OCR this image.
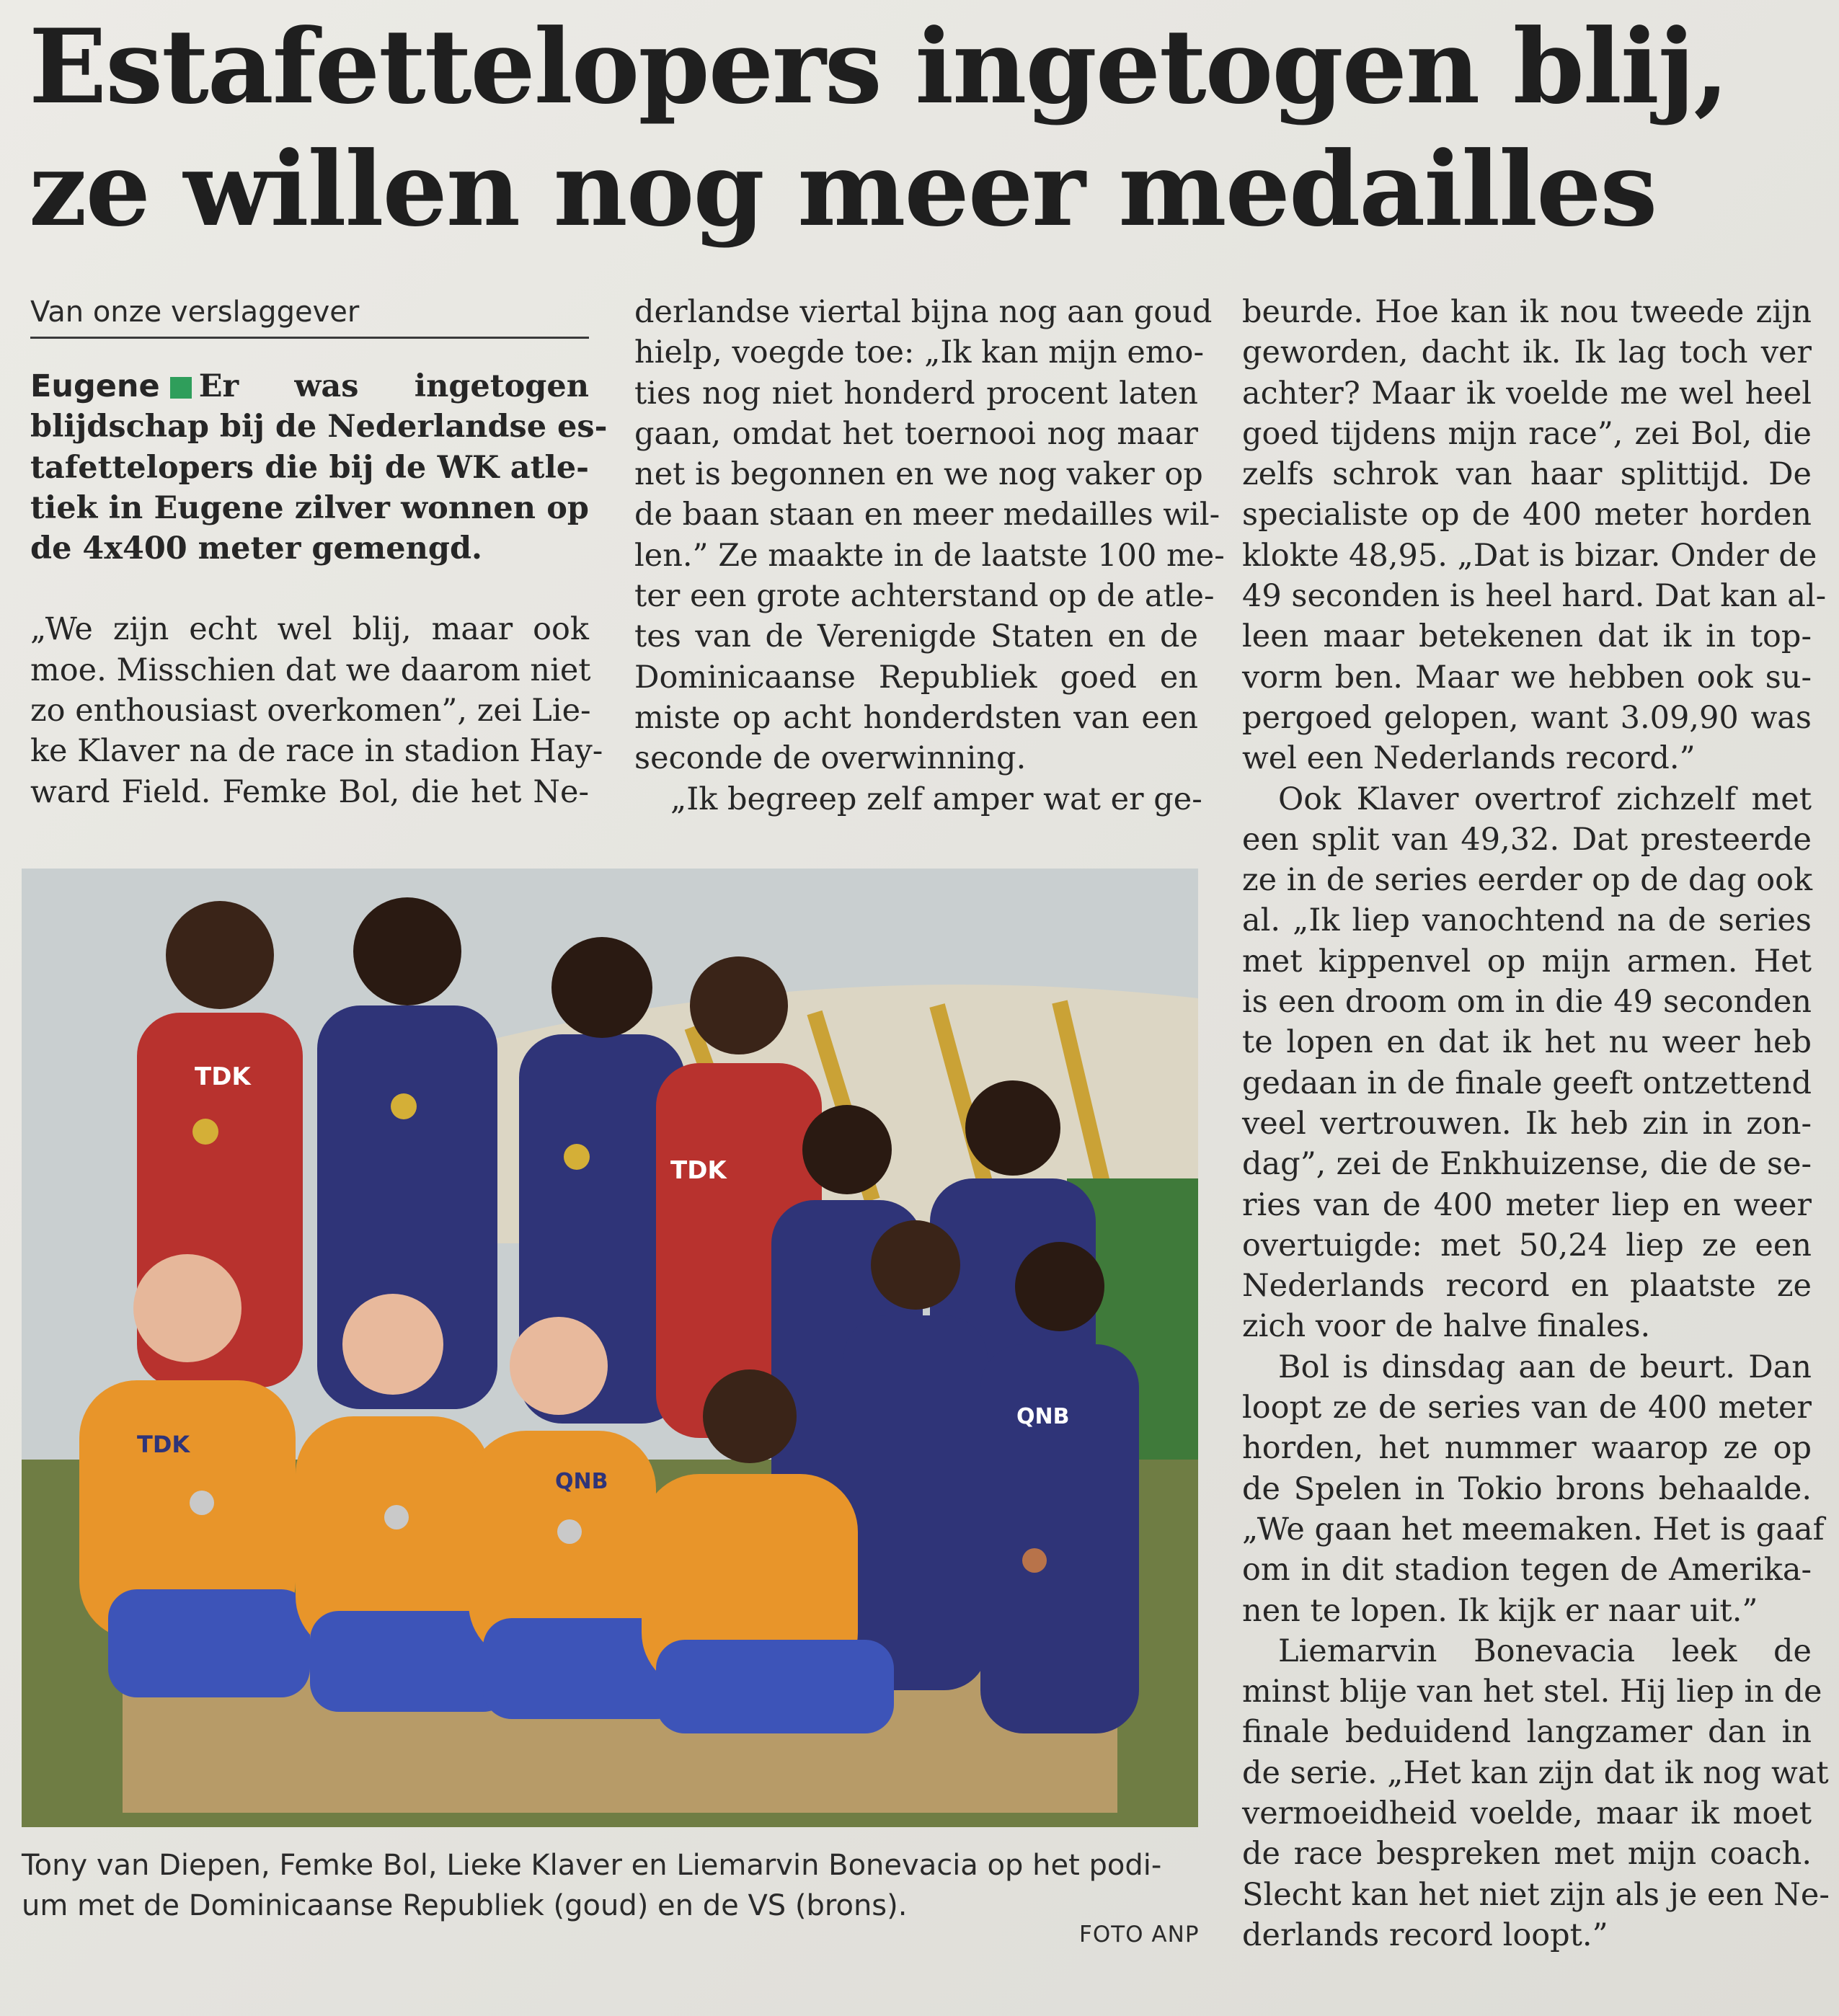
Estafettelopers ingetogen blij,
ze willen nog meer medailles
Van onze verslaggever
Eugene Er was ingetogen
blijdschap bij de Nederlandse es-
tafettelopers die bij de WK atle-
tiek in Eugene zilver wonnen op
de 4x400 meter gemengd.
„We zijn echt wel blij, maar ook
moe. Misschien dat we daarom niet
zo enthousiast overkomen”, zei Lie-
ke Klaver na de race in stadion Hay-
ward Field. Femke Bol, die het Ne-
derlandse viertal bijna nog aan goud
hielp, voegde toe: „Ik kan mijn emo-
ties nog niet honderd procent laten
gaan, omdat het toernooi nog maar
net is begonnen en we nog vaker op
de baan staan en meer medailles wil-
len.” Ze maakte in de laatste 100 me-
ter een grote achterstand op de atle-
tes van de Verenigde Staten en de
Dominicaanse Republiek goed en
miste op acht honderdsten van een
seconde de overwinning.
„Ik begreep zelf amper wat er ge-
beurde. Hoe kan ik nou tweede zijn
geworden, dacht ik. Ik lag toch ver
achter? Maar ik voelde me wel heel
goed tijdens mijn race”, zei Bol, die
zelfs schrok van haar splittijd. De
specialiste op de 400 meter horden
klokte 48,95. „Dat is bizar. Onder de
49 seconden is heel hard. Dat kan al-
leen maar betekenen dat ik in top-
vorm ben. Maar we hebben ook su-
pergoed gelopen, want 3.09,90 was
wel een Nederlands record.”
Ook Klaver overtrof zichzelf met
een split van 49,32. Dat presteerde
ze in de series eerder op de dag ook
al. „Ik liep vanochtend na de series
met kippenvel op mijn armen. Het
is een droom om in die 49 seconden
te lopen en dat ik het nu weer heb
gedaan in de finale geeft ontzettend
veel vertrouwen. Ik heb zin in zon-
dag”, zei de Enkhuizense, die de se-
ries van de 400 meter liep en weer
overtuigde: met 50,24 liep ze een
Nederlands record en plaatste ze
zich voor de halve finales.
Bol is dinsdag aan de beurt. Dan
loopt ze de series van de 400 meter
horden, het nummer waarop ze op
de Spelen in Tokio brons behaalde.
„We gaan het meemaken. Het is gaaf
om in dit stadion tegen de Amerika-
nen te lopen. Ik kijk er naar uit.”
Liemarvin Bonevacia leek de
minst blije van het stel. Hij liep in de
finale beduidend langzamer dan in
de serie. „Het kan zijn dat ik nog wat
vermoeidheid voelde, maar ik moet
de race bespreken met mijn coach.
Slecht kan het niet zijn als je een Ne-
derlands record loopt.”
TDK
TDK
TDK
QNB
QNB
Tony van Diepen, Femke Bol, Lieke Klaver en Liemarvin Bonevacia op het podi-
um met de Dominicaanse Republiek (goud) en de VS (brons).
FOTO ANP
